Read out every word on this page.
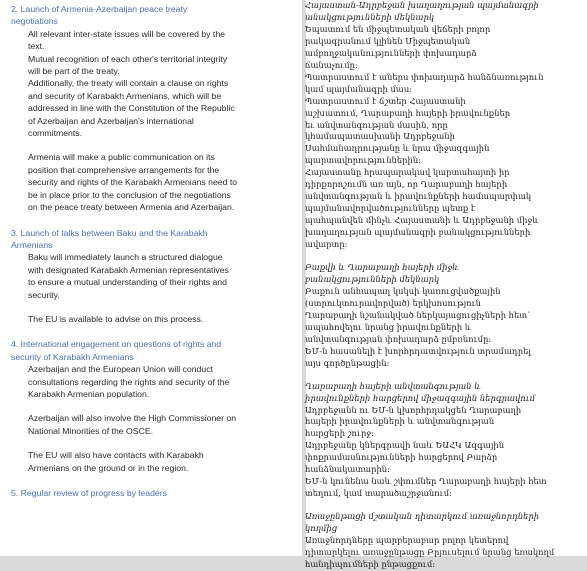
2. Launch of Armenia-Azerbaijan peace treaty
negotiations
All relevant inter-state issues will be covered by the
text.
Mutual recognition of each other's territorial integrity
will be part of the treaty.
Additionally, the treaty will contain a clause on rights
and security of Karabakh Armenians, which will be
addressed in line with the Constitution of the Republic
of Azerbaijan and Azerbaijan's international
commitments.
Armenia will make a public communication on its
position that comprehensive arrangements for the
security and rights of the Karabakh Armenians need to
be in place prior to the conclusion of the negotiations
on the peace treaty between Armenia and Azerbaijan.
3. Launch of talks between Baku and the Karabakh
Armenians
Baku will immediately launch a structured dialogue
with designated Karabakh Armenian representatives
to ensure a mutual understanding of their rights and
security.
The EU is available to advise on this process.
4. International engagement on questions of rights and
security of Karabakh Armenians
Azerbaijan and the European Union will conduct
consultations regarding the rights and security of the
Karabakh Armenian population.
Azerbaijan will also involve the High Commissioner on
National Minorities of the OSCE.
The EU will also have contacts with Karabakh
Armenians on the ground or in the region.
5. Regular review of progress by leaders
Հայաստան-Ադրբեջան խաղաղության պայմանագրի
անակցությունների մեկնարկ
Եպատում են միջպետական վեճերի բոլոր
րակագրանում կլինեն Միջպետական
ամբողջականությունների փոխադարձ
ճանաչումը։
Պատրաստում է աներս փոխադարձ հանձնառություն
կամ պայմանագրի մաս։
Պատրաստում է ճշտեր Հայաստանի
աշխատում, Ղարաբաղի հայերի իրավունքներ
եւ անվտանգության մասին, որը
կհամապատասխանի Ադրբեջանի
Սահմանադրությանը և նրա միջազգային
պարտավորություններին։
Հայաստանը հրապարակավ կարտահայտի իր
դիրքորոշումն առ այն, որ Ղարաբաղի հայերի
անվտանգության և իրավունքների համապարփակ
պայմանավորվածությունները պետք է
պահպանվեն մինչև Հայաստանի և Ադրբեջանի միջև
խաղաղության պայմանագրի բանակցությունների
ավարտը։
Բաքվի և Ղարաբաղի հայերի միջև
բանակցությունների մեկնարկ
Բաքուն անհապաղ կսկսի կառուցվածքային
(ստրուկտուրավորված) երկխոսություն
Ղարաբաղի նշանակված ներկայացուցիչների հետ՝
ապահովելու նրանց իրավունքների և
անվտանգության փոխադարձ ըմբռնումը։
ԵՄ-ն հասանելի է խորհրդատվություն տրամադրել
այս գործընթացին։
Ղարաբաղի հայերի անվտանգության և
իրավունքների հարցերով միջազգային ներգրավում
Ադրբեջանն ու ԵՄ-ն կխորհրդակցեն Ղարաբաղի
հայերի իրավունքների և անվտանգության
հարցերի շուրջ։
Ադրբեջանը կներգրավի նաև ԵԱՀԿ Ազգային
փոքրամասնությունների հարցերով Բարձր
հանձնակատարին։
ԵՄ-ն կունենա նաև շփումներ Ղարաբաղի հայերի հետ
տեղում, կամ տարածաշրջանում։
Առաջընթացի մշտական դիտարկում առաջնորդների
կողմից
Առաջնորդները պարբերաբար բոլոր կետերով
դիտարկելու առաջընթացը Բրյուսելում նրանց եռակողմ
հանդիպումների ընթացքում։
